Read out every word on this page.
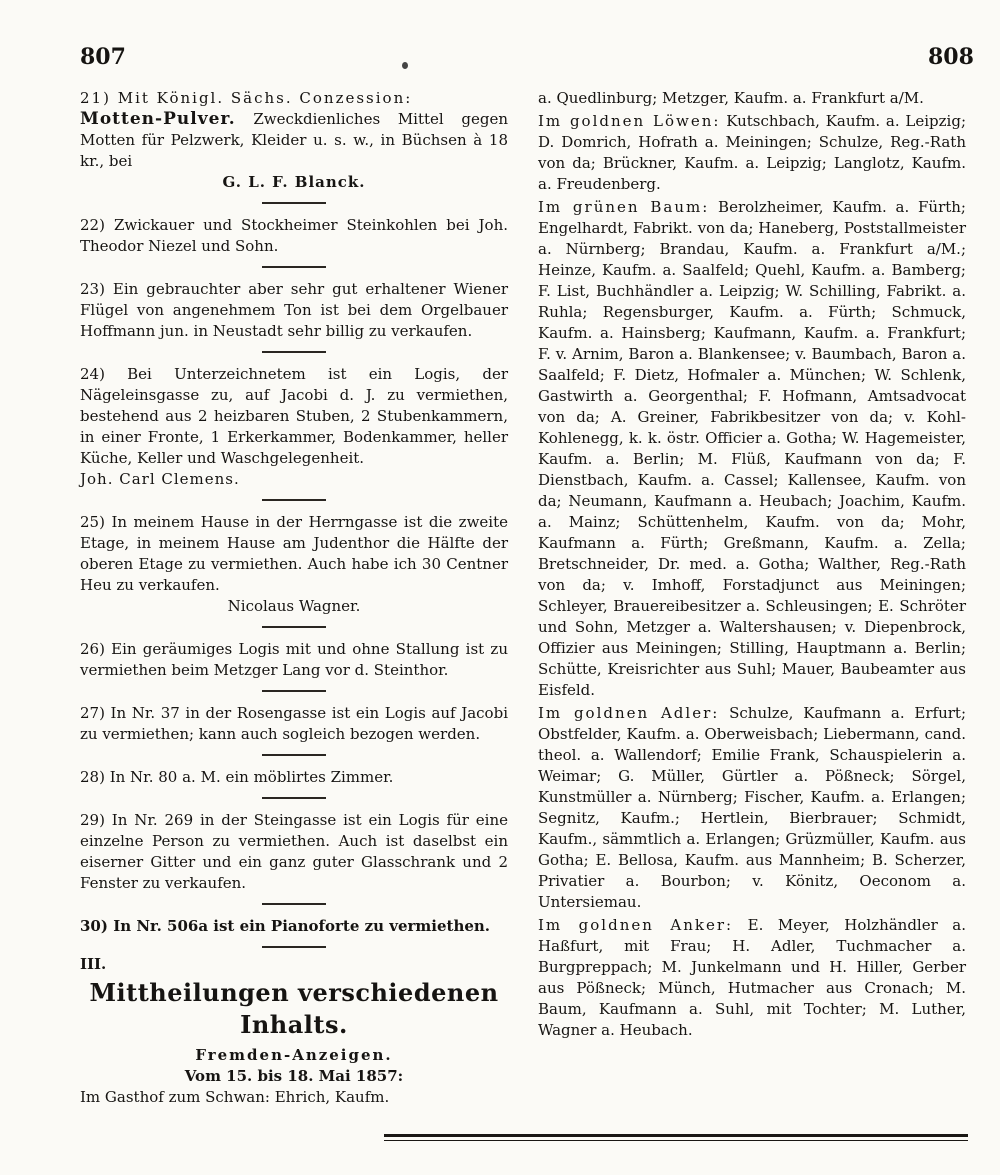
807	808

21) Mit Königl. Sächs. Conzession:

Motten-Pulver. Zweckdienliches Mittel gegen Motten für Pelzwerk, Kleider u. s. w., in Büchsen à 18 kr., bei

G. L. F. Blanck.

22) Zwickauer und Stockheimer Steinkohlen bei Joh. Theodor Niezel und Sohn.

23) Ein gebrauchter aber sehr gut erhaltener Wiener Flügel von angenehmem Ton ist bei dem Orgelbauer Hoffmann jun. in Neustadt sehr billig zu verkaufen.

24) Bei Unterzeichnetem ist ein Logis, der Nägeleinsgasse zu, auf Jacobi d. J. zu vermiethen, bestehend aus 2 heizbaren Stuben, 2 Stubenkammern, in einer Fronte, 1 Erkerkammer, Bodenkammer, heller Küche, Keller und Waschgelegenheit.

Joh. Carl Clemens.

25) In meinem Hause in der Herrngasse ist die zweite Etage, in meinem Hause am Judenthor die Hälfte der oberen Etage zu vermiethen. Auch habe ich 30 Centner Heu zu verkaufen.

Nicolaus Wagner.

26) Ein geräumiges Logis mit und ohne Stallung ist zu vermiethen beim Metzger Lang vor d. Steinthor.

27) In Nr. 37 in der Rosengasse ist ein Logis auf Jacobi zu vermiethen; kann auch sogleich bezogen werden.

28) In Nr. 80 a. M. ein möblirtes Zimmer.

29) In Nr. 269 in der Steingasse ist ein Logis für eine einzelne Person zu vermiethen. Auch ist daselbst ein eiserner Gitter und ein ganz guter Glasschrank und 2 Fenster zu verkaufen.

30) In Nr. 506a ist ein Pianoforte zu vermiethen.

III.

Mittheilungen verschiedenen Inhalts.

Fremden-Anzeigen.

Vom 15. bis 18. Mai 1857:

Im Gasthof zum Schwan: Ehrich, Kaufm.

a. Quedlinburg; Metzger, Kaufm. a. Frankfurt a/M.

Im goldnen Löwen: Kutschbach, Kaufm. a. Leipzig; D. Domrich, Hofrath a. Meiningen; Schulze, Reg.-Rath von da; Brückner, Kaufm. a. Leipzig; Langlotz, Kaufm. a. Freudenberg.

Im grünen Baum: Berolzheimer, Kaufm. a. Fürth; Engelhardt, Fabrikt. von da; Haneberg, Poststallmeister a. Nürnberg; Brandau, Kaufm. a. Frankfurt a/M.; Heinze, Kaufm. a. Saalfeld; Quehl, Kaufm. a. Bamberg; F. List, Buchhändler a. Leipzig; W. Schilling, Fabrikt. a. Ruhla; Regensburger, Kaufm. a. Fürth; Schmuck, Kaufm. a. Hainsberg; Kaufmann, Kaufm. a. Frankfurt; F. v. Arnim, Baron a. Blankensee; v. Baumbach, Baron a. Saalfeld; F. Dietz, Hofmaler a. München; W. Schlenk, Gastwirth a. Georgenthal; F. Hofmann, Amtsadvocat von da; A. Greiner, Fabrikbesitzer von da; v. Kohl-Kohlenegg, k. k. östr. Officier a. Gotha; W. Hagemeister, Kaufm. a. Berlin; M. Flüß, Kaufmann von da; F. Dienstbach, Kaufm. a. Cassel; Kallensee, Kaufm. von da; Neumann, Kaufmann a. Heubach; Joachim, Kaufm. a. Mainz; Schüttenhelm, Kaufm. von da; Mohr, Kaufmann a. Fürth; Greßmann, Kaufm. a. Zella; Bretschneider, Dr. med. a. Gotha; Walther, Reg.-Rath von da; v. Imhoff, Forstadjunct aus Meiningen; Schleyer, Brauereibesitzer a. Schleusingen; E. Schröter und Sohn, Metzger a. Waltershausen; v. Diepenbrock, Offizier aus Meiningen; Stilling, Hauptmann a. Berlin; Schütte, Kreisrichter aus Suhl; Mauer, Baubeamter aus Eisfeld.

Im goldnen Adler: Schulze, Kaufmann a. Erfurt; Obstfelder, Kaufm. a. Oberweisbach; Liebermann, cand. theol. a. Wallendorf; Emilie Frank, Schauspielerin a. Weimar; G. Müller, Gürtler a. Pößneck; Sörgel, Kunstmüller a. Nürnberg; Fischer, Kaufm. a. Erlangen; Segnitz, Kaufm.; Hertlein, Bierbrauer; Schmidt, Kaufm., sämmtlich a. Erlangen; Grüzmüller, Kaufm. aus Gotha; E. Bellosa, Kaufm. aus Mannheim; B. Scherzer, Privatier a. Bourbon; v. Könitz, Oeconom a. Untersiemau.

Im goldnen Anker: E. Meyer, Holzhändler a. Haßfurt, mit Frau; H. Adler, Tuchmacher a. Burgpreppach; M. Junkelmann und H. Hiller, Gerber aus Pößneck; Münch, Hutmacher aus Cronach; M. Baum, Kaufmann a. Suhl, mit Tochter; M. Luther, Wagner a. Heubach.
